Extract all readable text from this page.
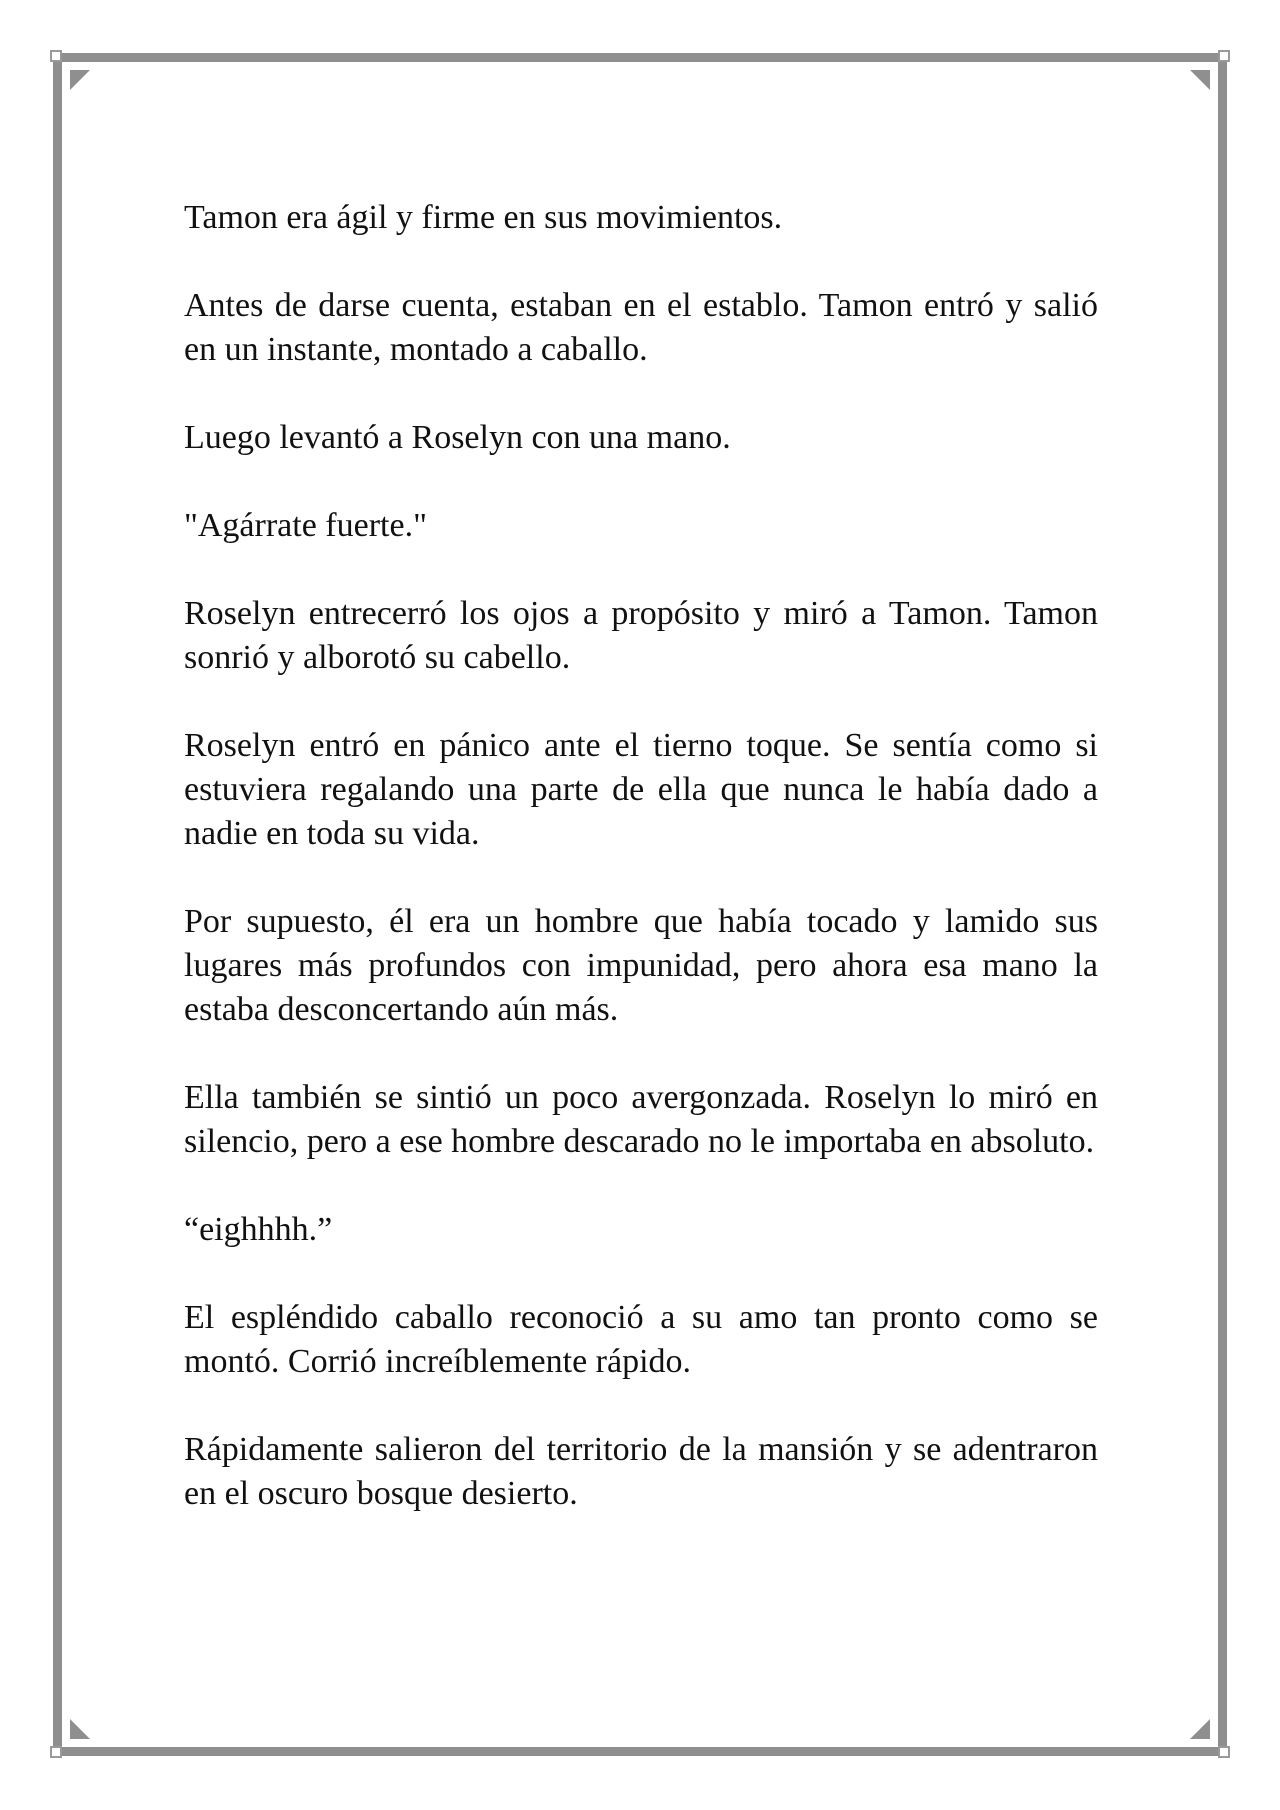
Tamon era ágil y firme en sus movimientos.

Antes de darse cuenta, estaban en el establo. Tamon entró y salió en un instante, montado a caballo.

Luego levantó a Roselyn con una mano.

"Agárrate fuerte."

Roselyn entrecerró los ojos a propósito y miró a Tamon. Tamon sonrió y alborotó su cabello.

Roselyn entró en pánico ante el tierno toque. Se sentía como si estuviera regalando una parte de ella que nunca le había dado a nadie en toda su vida.

Por supuesto, él era un hombre que había tocado y lamido sus lugares más profundos con impunidad, pero ahora esa mano la estaba desconcertando aún más.

Ella también se sintió un poco avergonzada. Roselyn lo miró en silencio, pero a ese hombre descarado no le importaba en absoluto.

“eighhhh.”

El espléndido caballo reconoció a su amo tan pronto como se montó. Corrió increíblemente rápido.

Rápidamente salieron del territorio de la mansión y se adentraron en el oscuro bosque desierto.
